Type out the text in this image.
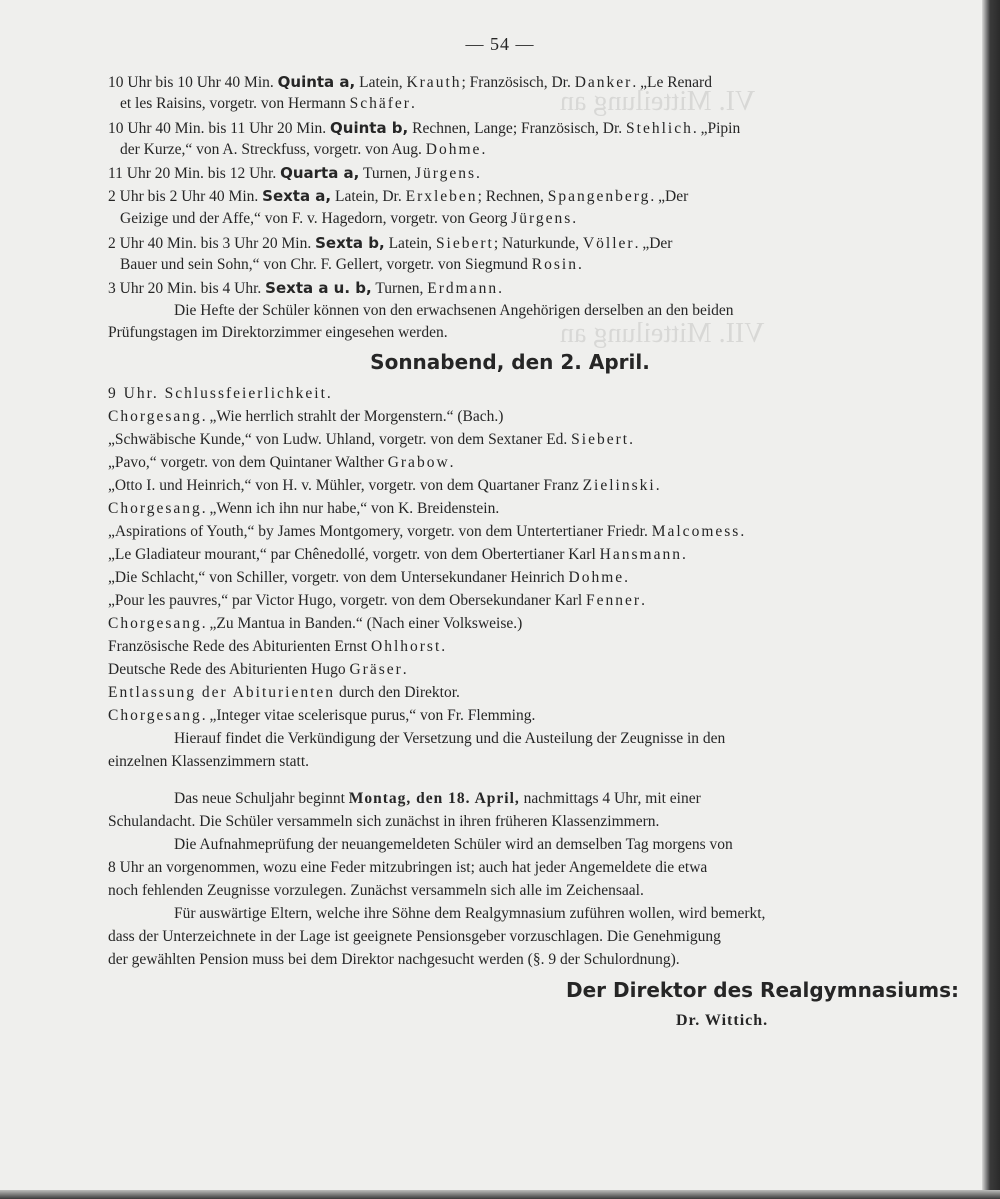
VI. Mitteilung an
VII. Mitteilung an
— 54 —
10 Uhr bis 10 Uhr 40 Min. Quinta a, Latein, Krauth; Französisch, Dr. Danker. „Le Renard
et les Raisins, vorgetr. von Hermann Schäfer.
10 Uhr 40 Min. bis 11 Uhr 20 Min. Quinta b, Rechnen, Lange; Französisch, Dr. Stehlich. „Pipin
der Kurze,“ von A. Streckfuss, vorgetr. von Aug. Dohme.
11 Uhr 20 Min. bis 12 Uhr. Quarta a, Turnen, Jürgens.
2 Uhr bis 2 Uhr 40 Min. Sexta a, Latein, Dr. Erxleben; Rechnen, Spangenberg. „Der
Geizige und der Affe,“ von F. v. Hagedorn, vorgetr. von Georg Jürgens.
2 Uhr 40 Min. bis 3 Uhr 20 Min. Sexta b, Latein, Siebert; Naturkunde, Völler. „Der
Bauer und sein Sohn,“ von Chr. F. Gellert, vorgetr. von Siegmund Rosin.
3 Uhr 20 Min. bis 4 Uhr. Sexta a u. b, Turnen, Erdmann.
Die Hefte der Schüler können von den erwachsenen Angehörigen derselben an den beiden
Prüfungstagen im Direktorzimmer eingesehen werden.
Sonnabend, den 2. April.
9 Uhr. Schlussfeierlichkeit.
Chorgesang. „Wie herrlich strahlt der Morgenstern.“ (Bach.)
„Schwäbische Kunde,“ von Ludw. Uhland, vorgetr. von dem Sextaner Ed. Siebert.
„Pavo,“ vorgetr. von dem Quintaner Walther Grabow.
„Otto I. und Heinrich,“ von H. v. Mühler, vorgetr. von dem Quartaner Franz Zielinski.
Chorgesang. „Wenn ich ihn nur habe,“ von K. Breidenstein.
„Aspirations of Youth,“ by James Montgomery, vorgetr. von dem Untertertianer Friedr. Malcomess.
„Le Gladiateur mourant,“ par Chênedollé, vorgetr. von dem Obertertianer Karl Hansmann.
„Die Schlacht,“ von Schiller, vorgetr. von dem Untersekundaner Heinrich Dohme.
„Pour les pauvres,“ par Victor Hugo, vorgetr. von dem Obersekundaner Karl Fenner.
Chorgesang. „Zu Mantua in Banden.“ (Nach einer Volksweise.)
Französische Rede des Abiturienten Ernst Ohlhorst.
Deutsche Rede des Abiturienten Hugo Gräser.
Entlassung der Abiturienten durch den Direktor.
Chorgesang. „Integer vitae scelerisque purus,“ von Fr. Flemming.
Hierauf findet die Verkündigung der Versetzung und die Austeilung der Zeugnisse in den
einzelnen Klassenzimmern statt.
Das neue Schuljahr beginnt Montag, den 18. April, nachmittags 4 Uhr, mit einer
Schulandacht. Die Schüler versammeln sich zunächst in ihren früheren Klassenzimmern.
Die Aufnahmeprüfung der neuangemeldeten Schüler wird an demselben Tag morgens von
8 Uhr an vorgenommen, wozu eine Feder mitzubringen ist; auch hat jeder Angemeldete die etwa
noch fehlenden Zeugnisse vorzulegen. Zunächst versammeln sich alle im Zeichensaal.
Für auswärtige Eltern, welche ihre Söhne dem Realgymnasium zuführen wollen, wird bemerkt,
dass der Unterzeichnete in der Lage ist geeignete Pensionsgeber vorzuschlagen. Die Genehmigung
der gewählten Pension muss bei dem Direktor nachgesucht werden (§. 9 der Schulordnung).
Der Direktor des Realgymnasiums:
Dr. Wittich.
